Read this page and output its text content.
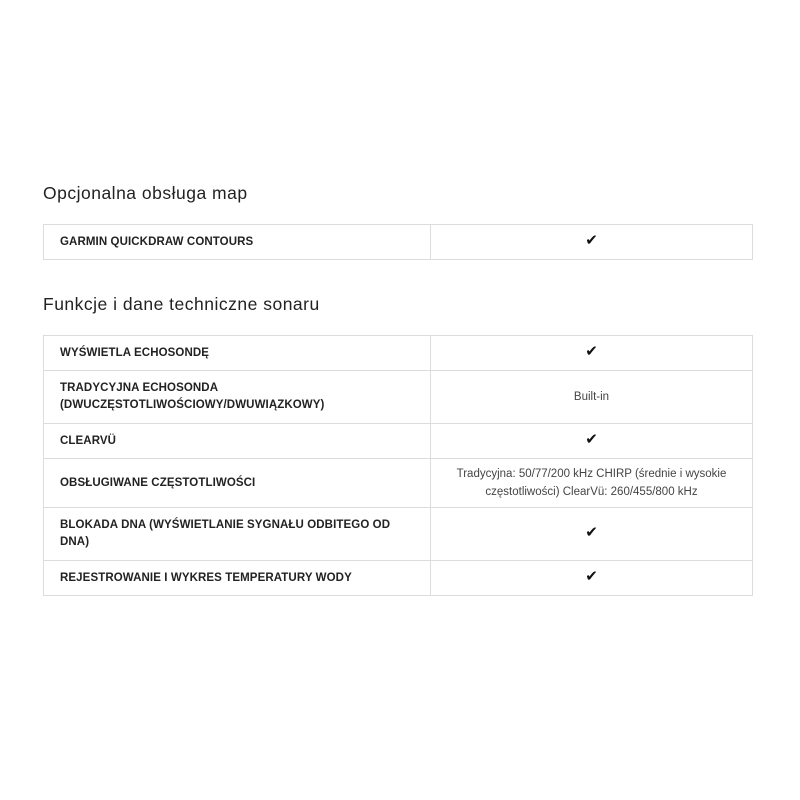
Opcjonalna obsługa map
GARMIN QUICKDRAW CONTOURS	✔
Funkcje i dane techniczne sonaru
WYŚWIETLA ECHOSONDĘ	✔
TRADYCYJNA ECHOSONDA (DWUCZĘSTOTLIWOŚCIOWY/DWUWIĄZKOWY)	Built-in
CLEARVÜ	✔
OBSŁUGIWANE CZĘSTOTLIWOŚCI	Tradycyjna: 50/77/200 kHz CHIRP (średnie i wysokie częstotliwości) ClearVü: 260/455/800 kHz
BLOKADA DNA (WYŚWIETLANIE SYGNAŁU ODBITEGO OD DNA)	✔
REJESTROWANIE I WYKRES TEMPERATURY WODY	✔
